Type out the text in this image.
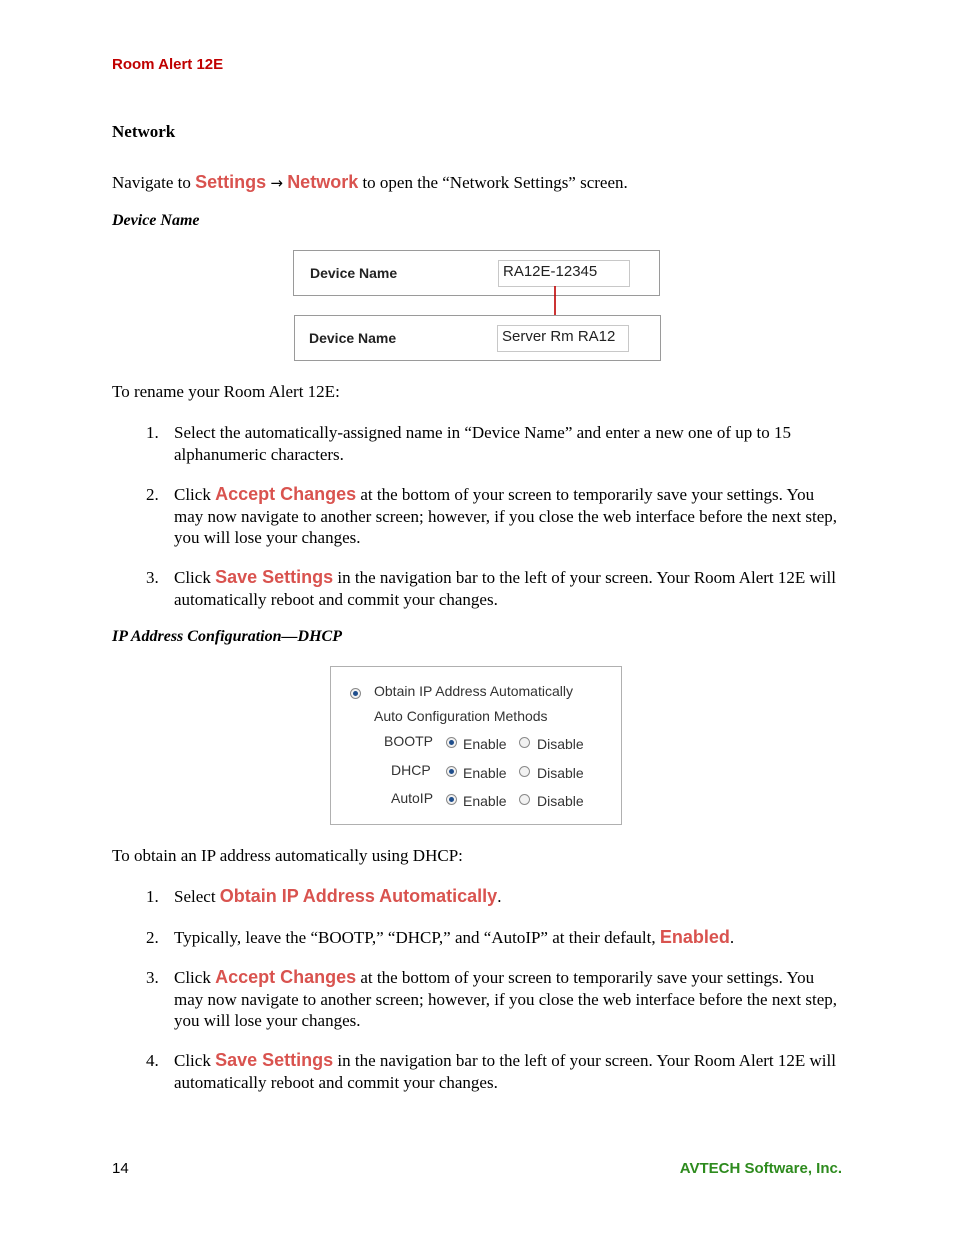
Room Alert 12E
Network
Navigate to Settings → Network to open the “Network Settings” screen.
Device Name
Device Name	RA12E-12345
Device Name	Server Rm RA12
To rename your Room Alert 12E:
1. Select the automatically-assigned name in “Device Name” and enter a new one of up to 15 alphanumeric characters.
2. Click Accept Changes at the bottom of your screen to temporarily save your settings. You may now navigate to another screen; however, if you close the web interface before the next step, you will lose your changes.
3. Click Save Settings in the navigation bar to the left of your screen. Your Room Alert 12E will automatically reboot and commit your changes.
IP Address Configuration—DHCP
Obtain IP Address Automatically
Auto Configuration Methods
BOOTP Enable Disable
DHCP Enable Disable
AutoIP Enable Disable
To obtain an IP address automatically using DHCP:
1. Select Obtain IP Address Automatically.
2. Typically, leave the “BOOTP,” “DHCP,” and “AutoIP” at their default, Enabled.
3. Click Accept Changes at the bottom of your screen to temporarily save your settings. You may now navigate to another screen; however, if you close the web interface before the next step, you will lose your changes.
4. Click Save Settings in the navigation bar to the left of your screen. Your Room Alert 12E will automatically reboot and commit your changes.
14	AVTECH Software, Inc.
